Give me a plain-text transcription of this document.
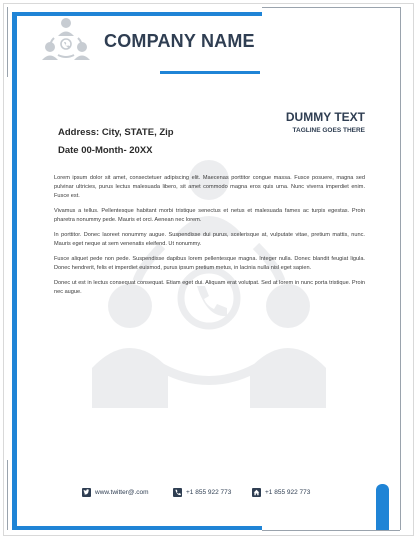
COMPANY NAME
DUMMY TEXT
TAGLINE GOES THERE
Address: City, STATE, Zip
Date 00-Month- 20XX

Lorem ipsum dolor sit amet, consectetuer adipiscing elit. Maecenas porttitor congue massa. Fusce posuere, magna sed pulvinar ultricies, purus lectus malesuada libero, sit amet commodo magna eros quis urna. Nunc viverra imperdiet enim. Fusce est.

Vivamus a tellus. Pellentesque habitant morbi tristique senectus et netus et malesuada fames ac turpis egestas. Proin pharetra nonummy pede. Mauris et orci. Aenean nec lorem.

In porttitor. Donec laoreet nonummy augue. Suspendisse dui purus, scelerisque at, vulputate vitae, pretium mattis, nunc. Mauris eget neque at sem venenatis eleifend. Ut nonummy.

Fusce aliquet pede non pede. Suspendisse dapibus lorem pellentesque magna. Integer nulla. Donec blandit feugiat ligula. Donec hendrerit, felis et imperdiet euismod, purus ipsum pretium metus, in lacinia nulla nisl eget sapien.

Donec ut est in lectus consequat consequat. Etiam eget dui. Aliquam erat volutpat. Sed at lorem in nunc porta tristique. Proin nec augue.

www.twitter@.com	+1 855 922 773	+1 855 922 773
